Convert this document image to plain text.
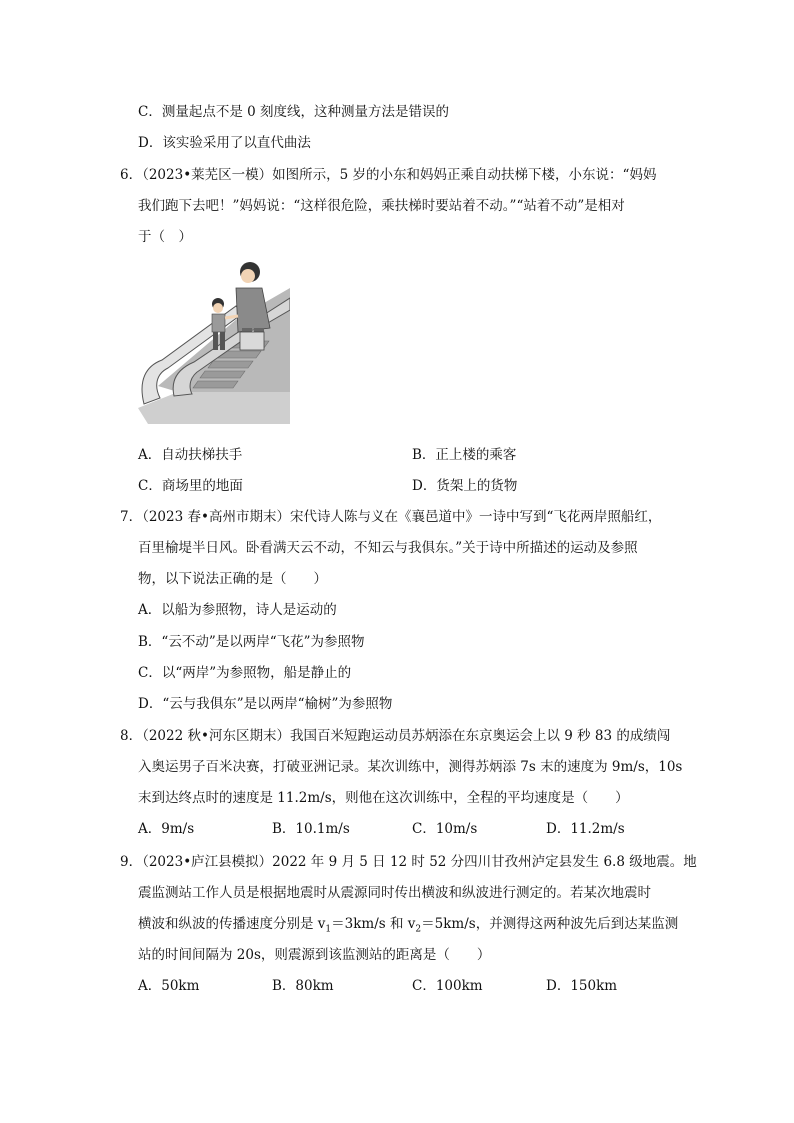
C．测量起点不是 0 刻度线，这种测量方法是错误的
D．该实验采用了以直代曲法
6．（2023•莱芜区一模）如图所示，5 岁的小东和妈妈正乘自动扶梯下楼，小东说：“妈妈
我们跑下去吧！”妈妈说：“这样很危险，乘扶梯时要站着不动。”“站着不动”是相对
于（　）
A．自动扶梯扶手	B．正上楼的乘客
C．商场里的地面	D．货架上的货物
7．（2023 春•高州市期末）宋代诗人陈与义在《襄邑道中》一诗中写到“飞花两岸照船红，
百里榆堤半日风。卧看满天云不动，不知云与我俱东。”关于诗中所描述的运动及参照
物，以下说法正确的是（　　）
A．以船为参照物，诗人是运动的
B．“云不动”是以两岸“飞花”为参照物
C．以“两岸”为参照物，船是静止的
D．“云与我俱东”是以两岸“榆树”为参照物
8．（2022 秋•河东区期末）我国百米短跑运动员苏炳添在东京奥运会上以 9 秒 83 的成绩闯
入奥运男子百米决赛，打破亚洲记录。某次训练中，测得苏炳添 7s 末的速度为 9m/s，10s
末到达终点时的速度是 11.2m/s，则他在这次训练中，全程的平均速度是（　　）
A．9m/s	B．10.1m/s	C．10m/s	D．11.2m/s
9．（2023•庐江县模拟）2022 年 9 月 5 日 12 时 52 分四川甘孜州泸定县发生 6.8 级地震。地
震监测站工作人员是根据地震时从震源同时传出横波和纵波进行测定的。若某次地震时
横波和纵波的传播速度分别是 $v_1=3km/s$ 和 $v_2=5km/s$，并测得这两种波先后到达某监测
站的时间间隔为 20s，则震源到该监测站的距离是（　　）
A．50km	B．80km	C．100km	D．150km
